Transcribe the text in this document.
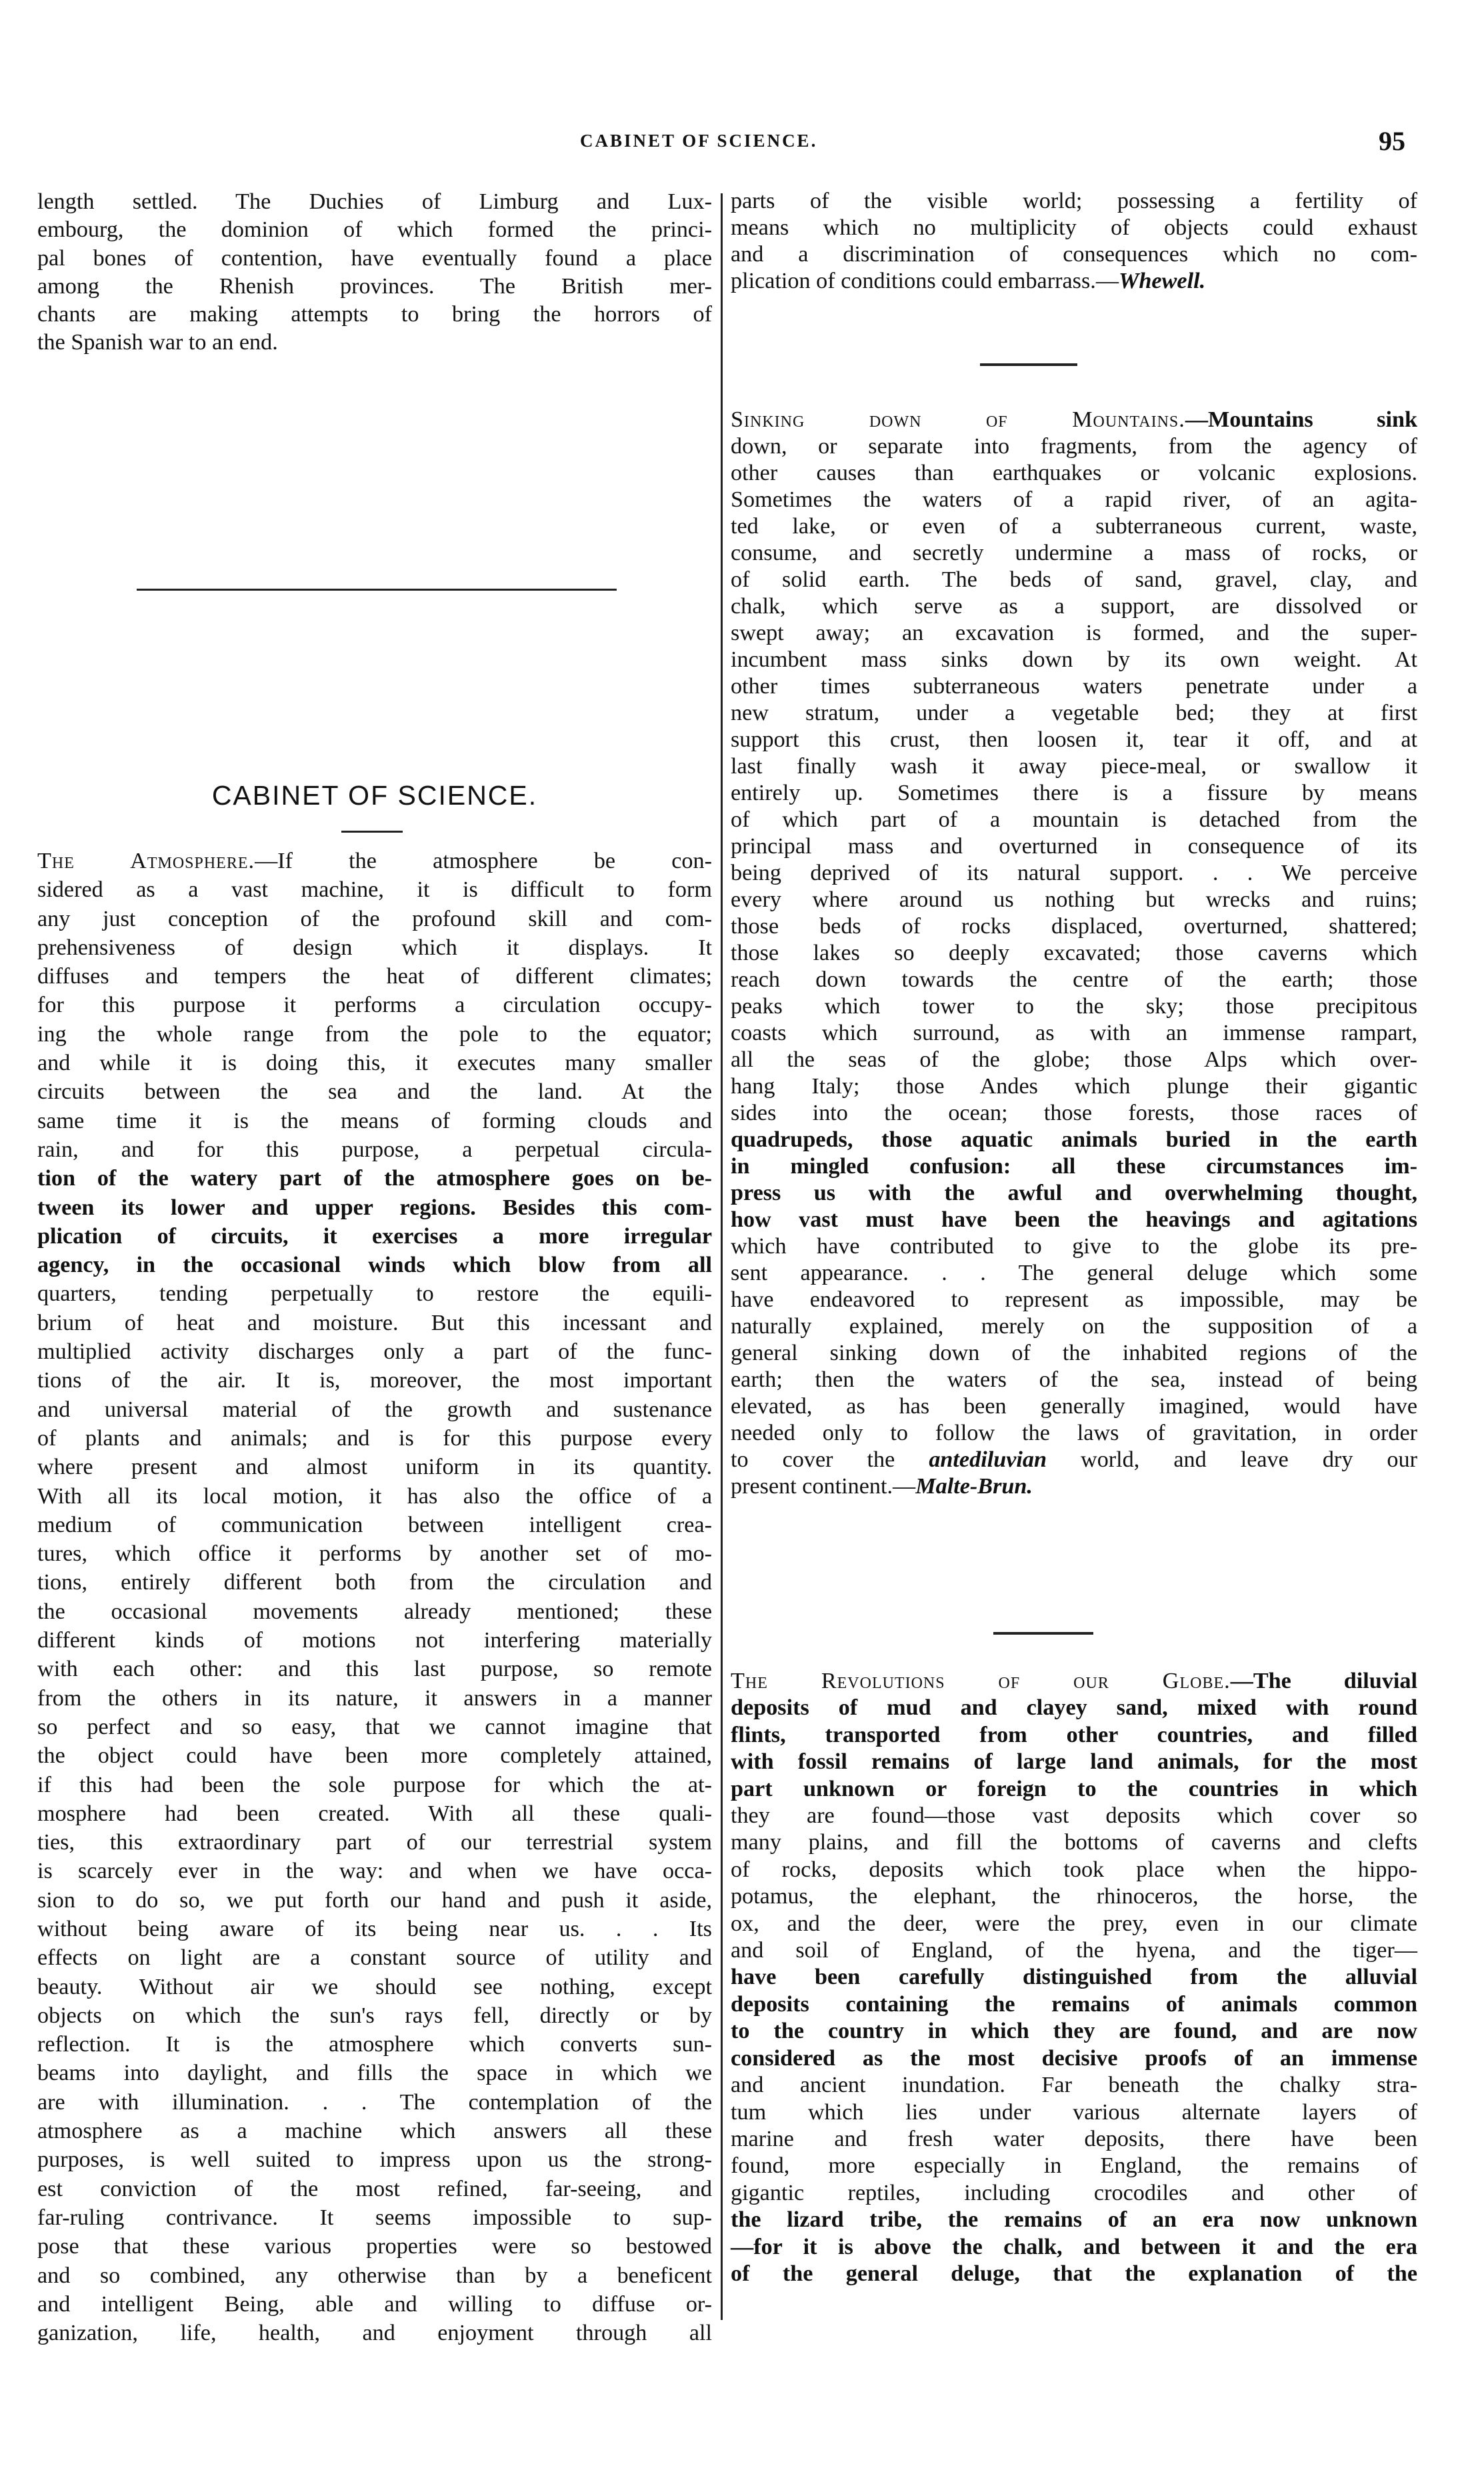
CABINET OF SCIENCE.	95

length settled. The Duchies of Limburg and Lux-

embourg, the dominion of which formed the princi-

pal bones of contention, have eventually found a place

among the Rhenish provinces. The British mer-

chants are making attempts to bring the horrors of

the Spanish war to an end.

CABINET OF SCIENCE.

The Atmosphere.—If the atmosphere be con-

sidered as a vast machine, it is difficult to form

any just conception of the profound skill and com-

prehensiveness of design which it displays. It

diffuses and tempers the heat of different climates;

for this purpose it performs a circulation occupy-

ing the whole range from the pole to the equator;

and while it is doing this, it executes many smaller

circuits between the sea and the land. At the

same time it is the means of forming clouds and

rain, and for this purpose, a perpetual circula-

tion of the watery part of the atmosphere goes on be-

tween its lower and upper regions. Besides this com-

plication of circuits, it exercises a more irregular

agency, in the occasional winds which blow from all

quarters, tending perpetually to restore the equili-

brium of heat and moisture. But this incessant and

multiplied activity discharges only a part of the func-

tions of the air. It is, moreover, the most important

and universal material of the growth and sustenance

of plants and animals; and is for this purpose every

where present and almost uniform in its quantity.

With all its local motion, it has also the office of a

medium of communication between intelligent crea-

tures, which office it performs by another set of mo-

tions, entirely different both from the circulation and

the occasional movements already mentioned; these

different kinds of motions not interfering materially

with each other: and this last purpose, so remote

from the others in its nature, it answers in a manner

so perfect and so easy, that we cannot imagine that

the object could have been more completely attained,

if this had been the sole purpose for which the at-

mosphere had been created. With all these quali-

ties, this extraordinary part of our terrestrial system

is scarcely ever in the way: and when we have occa-

sion to do so, we put forth our hand and push it aside,

without being aware of its being near us. . . Its

effects on light are a constant source of utility and

beauty. Without air we should see nothing, except

objects on which the sun's rays fell, directly or by

reflection. It is the atmosphere which converts sun-

beams into daylight, and fills the space in which we

are with illumination. . . The contemplation of the

atmosphere as a machine which answers all these

purposes, is well suited to impress upon us the strong-

est conviction of the most refined, far-seeing, and

far-ruling contrivance. It seems impossible to sup-

pose that these various properties were so bestowed

and so combined, any otherwise than by a beneficent

and intelligent Being, able and willing to diffuse or-

ganization, life, health, and enjoyment through all

parts of the visible world; possessing a fertility of

means which no multiplicity of objects could exhaust

and a discrimination of consequences which no com-

plication of conditions could embarrass.—Whewell.

Sinking down of Mountains.—Mountains sink

down, or separate into fragments, from the agency of

other causes than earthquakes or volcanic explosions.

Sometimes the waters of a rapid river, of an agita-

ted lake, or even of a subterraneous current, waste,

consume, and secretly undermine a mass of rocks, or

of solid earth. The beds of sand, gravel, clay, and

chalk, which serve as a support, are dissolved or

swept away; an excavation is formed, and the super-

incumbent mass sinks down by its own weight. At

other times subterraneous waters penetrate under a

new stratum, under a vegetable bed; they at first

support this crust, then loosen it, tear it off, and at

last finally wash it away piece-meal, or swallow it

entirely up. Sometimes there is a fissure by means

of which part of a mountain is detached from the

principal mass and overturned in consequence of its

being deprived of its natural support. . . We perceive

every where around us nothing but wrecks and ruins;

those beds of rocks displaced, overturned, shattered;

those lakes so deeply excavated; those caverns which

reach down towards the centre of the earth; those

peaks which tower to the sky; those precipitous

coasts which surround, as with an immense rampart,

all the seas of the globe; those Alps which over-

hang Italy; those Andes which plunge their gigantic

sides into the ocean; those forests, those races of

quadrupeds, those aquatic animals buried in the earth

in mingled confusion: all these circumstances im-

press us with the awful and overwhelming thought,

how vast must have been the heavings and agitations

which have contributed to give to the globe its pre-

sent appearance. . . The general deluge which some

have endeavored to represent as impossible, may be

naturally explained, merely on the supposition of a

general sinking down of the inhabited regions of the

earth; then the waters of the sea, instead of being

elevated, as has been generally imagined, would have

needed only to follow the laws of gravitation, in order

to cover the antediluvian world, and leave dry our

present continent.—Malte-Brun.

The Revolutions of our Globe.—The diluvial

deposits of mud and clayey sand, mixed with round

flints, transported from other countries, and filled

with fossil remains of large land animals, for the most

part unknown or foreign to the countries in which

they are found—those vast deposits which cover so

many plains, and fill the bottoms of caverns and clefts

of rocks, deposits which took place when the hippo-

potamus, the elephant, the rhinoceros, the horse, the

ox, and the deer, were the prey, even in our climate

and soil of England, of the hyena, and the tiger—

have been carefully distinguished from the alluvial

deposits containing the remains of animals common

to the country in which they are found, and are now

considered as the most decisive proofs of an immense

and ancient inundation. Far beneath the chalky stra-

tum which lies under various alternate layers of

marine and fresh water deposits, there have been

found, more especially in England, the remains of

gigantic reptiles, including crocodiles and other of

the lizard tribe, the remains of an era now unknown

—for it is above the chalk, and between it and the era

of the general deluge, that the explanation of the
